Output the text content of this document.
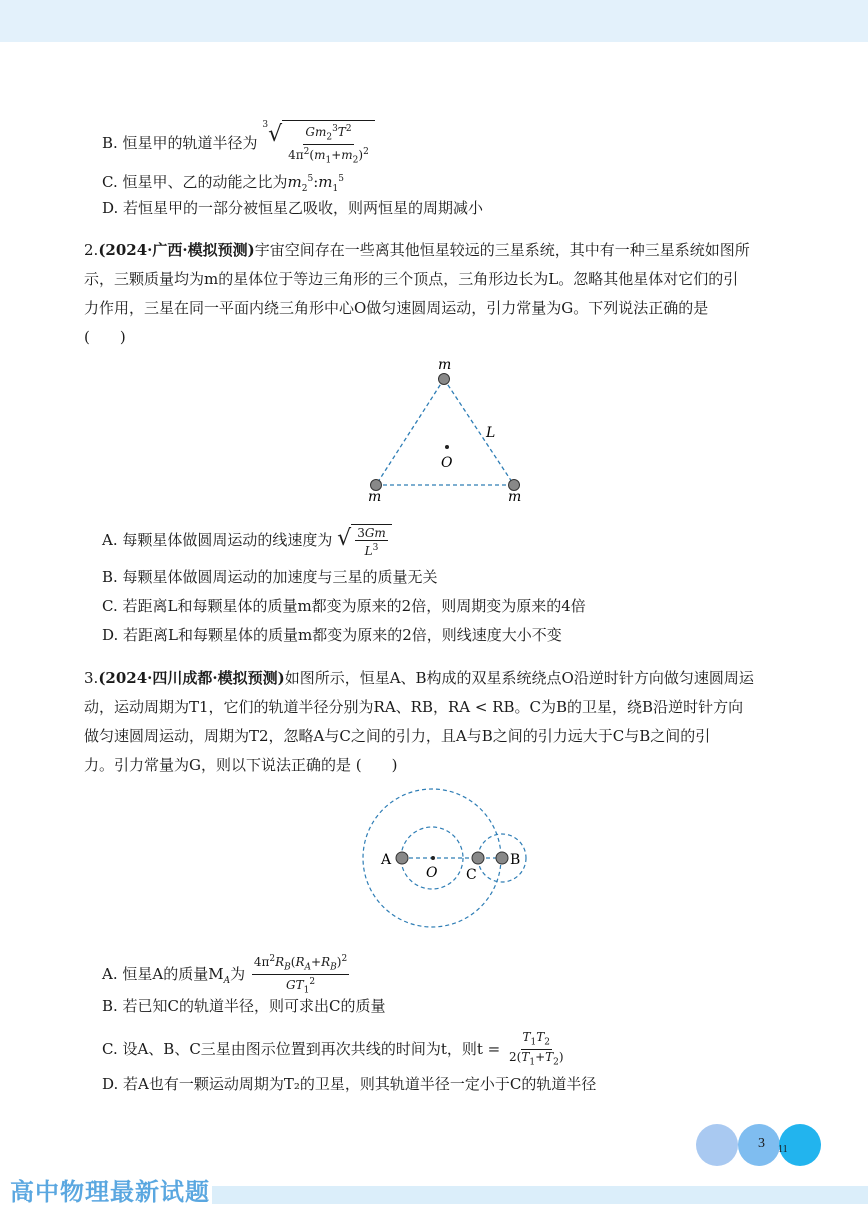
B. 恒星甲的轨道半径为
$^3$ √ $\frac{Gm_2^3T^2}{4\pi^2(m_1+m_2)^2}$
C. 恒星甲、乙的动能之比为$m_2^5:m_1^5$
D. 若恒星甲的一部分被恒星乙吸收，则两恒星的周期减小
2.(2024·广西·模拟预测)宇宙空间存在一些离其他恒星较远的三星系统，其中有一种三星系统如图所
示，三颗质量均为m的星体位于等边三角形的三个顶点，三角形边长为L。忽略其他星体对它们的引
力作用，三星在同一平面内绕三角形中心O做匀速圆周运动，引力常量为G。下列说法正确的是
(　　)
m
m	m
L
O
A. 每颗星体做圆周运动的线速度为 √ $\frac{3Gm}{L^3}$
B. 每颗星体做圆周运动的加速度与三星的质量无关
C. 若距离L和每颗星体的质量m都变为原来的2倍，则周期变为原来的4倍
D. 若距离L和每颗星体的质量m都变为原来的2倍，则线速度大小不变
3.(2024·四川成都·模拟预测)如图所示，恒星A、B构成的双星系统绕点O沿逆时针方向做匀速圆周运
动，运动周期为T1，它们的轨道半径分别为RA、RB，RA < RB。C为B的卫星，绕B沿逆时针方向
做匀速圆周运动，周期为T2，忽略A与C之间的引力，且A与B之间的引力远大于C与B之间的引
力。引力常量为G，则以下说法正确的是 (　　)
A
O C
B
A. 恒星A的质量$M_A$为 $\frac{4\pi^2R_B(R_A+R_B)^2}{GT_1^2}$
B. 若已知C的轨道半径，则可求出C的质量
C. 设A、B、C三星由图示位置到再次共线的时间为t，则$t = \frac{T_1T_2}{2(T_1+T_2)}$
D. 若A也有一颗运动周期为T₂的卫星，则其轨道半径一定小于C的轨道半径
3 11
高中物理最新试题
